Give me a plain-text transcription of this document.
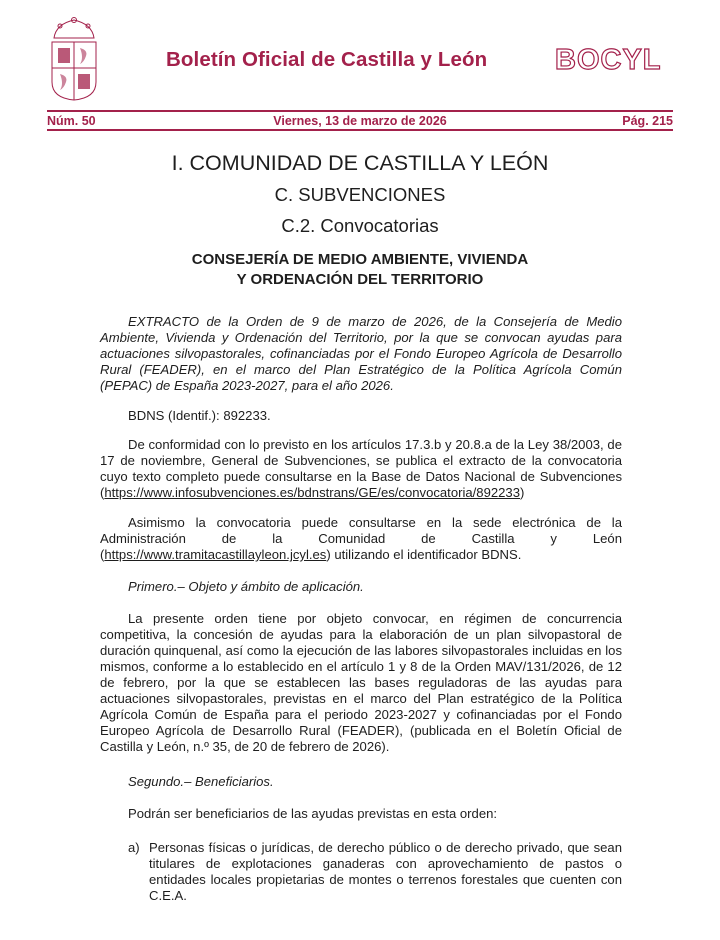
Boletín Oficial de Castilla y León BOCYL
Núm. 50	Viernes, 13 de marzo de 2026	Pág. 215
I. COMUNIDAD DE CASTILLA Y LEÓN
C. SUBVENCIONES
C.2. Convocatorias
CONSEJERÍA DE MEDIO AMBIENTE, VIVIENDA
Y ORDENACIÓN DEL TERRITORIO
EXTRACTO de la Orden de 9 de marzo de 2026, de la Consejería de Medio Ambiente, Vivienda y Ordenación del Territorio, por la que se convocan ayudas para actuaciones silvopastorales, cofinanciadas por el Fondo Europeo Agrícola de Desarrollo Rural (FEADER), en el marco del Plan Estratégico de la Política Agrícola Común (PEPAC) de España 2023-2027, para el año 2026.
BDNS (Identif.): 892233.
De conformidad con lo previsto en los artículos 17.3.b y 20.8.a de la Ley 38/2003, de 17 de noviembre, General de Subvenciones, se publica el extracto de la convocatoria cuyo texto completo puede consultarse en la Base de Datos Nacional de Subvenciones (https://www.infosubvenciones.es/bdnstrans/GE/es/convocatoria/892233)
Asimismo la convocatoria puede consultarse en la sede electrónica de la Administración de la Comunidad de Castilla y León (https://www.tramitacastillayleon.jcyl.es) utilizando el identificador BDNS.
Primero.– Objeto y ámbito de aplicación.
La presente orden tiene por objeto convocar, en régimen de concurrencia competitiva, la concesión de ayudas para la elaboración de un plan silvopastoral de duración quinquenal, así como la ejecución de las labores silvopastorales incluidas en los mismos, conforme a lo establecido en el artículo 1 y 8 de la Orden MAV/131/2026, de 12 de febrero, por la que se establecen las bases reguladoras de las ayudas para actuaciones silvopastorales, previstas en el marco del Plan estratégico de la Política Agrícola Común de España para el periodo 2023-2027 y cofinanciadas por el Fondo Europeo Agrícola de Desarrollo Rural (FEADER), (publicada en el Boletín Oficial de Castilla y León, n.º 35, de 20 de febrero de 2026).
Segundo.– Beneficiarios.
Podrán ser beneficiarios de las ayudas previstas en esta orden:
a) Personas físicas o jurídicas, de derecho público o de derecho privado, que sean titulares de explotaciones ganaderas con aprovechamiento de pastos o entidades locales propietarias de montes o terrenos forestales que cuenten con C.E.A.
